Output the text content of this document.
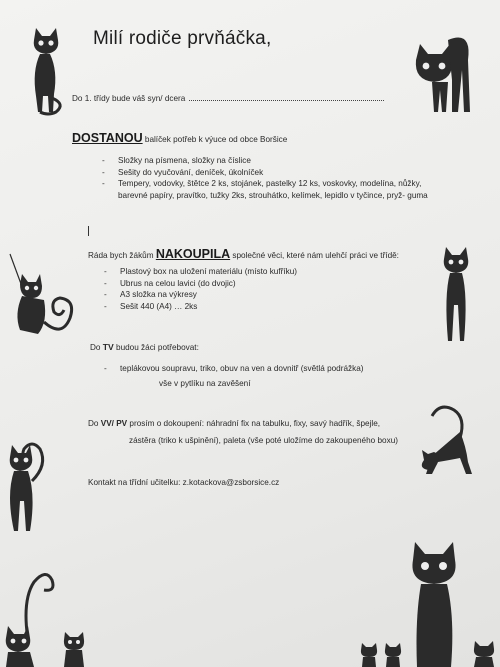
Milí rodiče prvňáčka,
Do 1. třídy bude váš syn/ dcera
DOSTANOU balíček potřeb k výuce od obce Boršice
- Složky na písmena, složky na číslice
- Sešity do vyučování, deníček, úkolníček
- Tempery, vodovky, štětce 2 ks, stojánek, pastelky 12 ks, voskovky, modelína, nůžky, barevné papíry, pravítko, tužky 2ks, strouhátko, kelímek, lepidlo v tyčince, pryž- guma
Ráda bych žákům NAKOUPILA společné věci, které nám ulehčí práci ve třídě:
- Plastový box na uložení materiálu (místo kufříku)
- Ubrus na celou lavici (do dvojic)
- A3 složka na výkresy
- Sešit 440 (A4) … 2ks
Do TV budou žáci potřebovat:
- teplákovou soupravu, triko, obuv na ven a dovnitř (světlá podrážka)
vše v pytlíku na zavěšení
Do VV/ PV prosím o dokoupení: náhradní fix na tabulku, fixy, savý hadřík, špejle,
zástěra (triko k ušpinění), paleta (vše poté uložíme do zakoupeného boxu)
Kontakt na třídní učitelku: z.kotackova@zsborsice.cz
